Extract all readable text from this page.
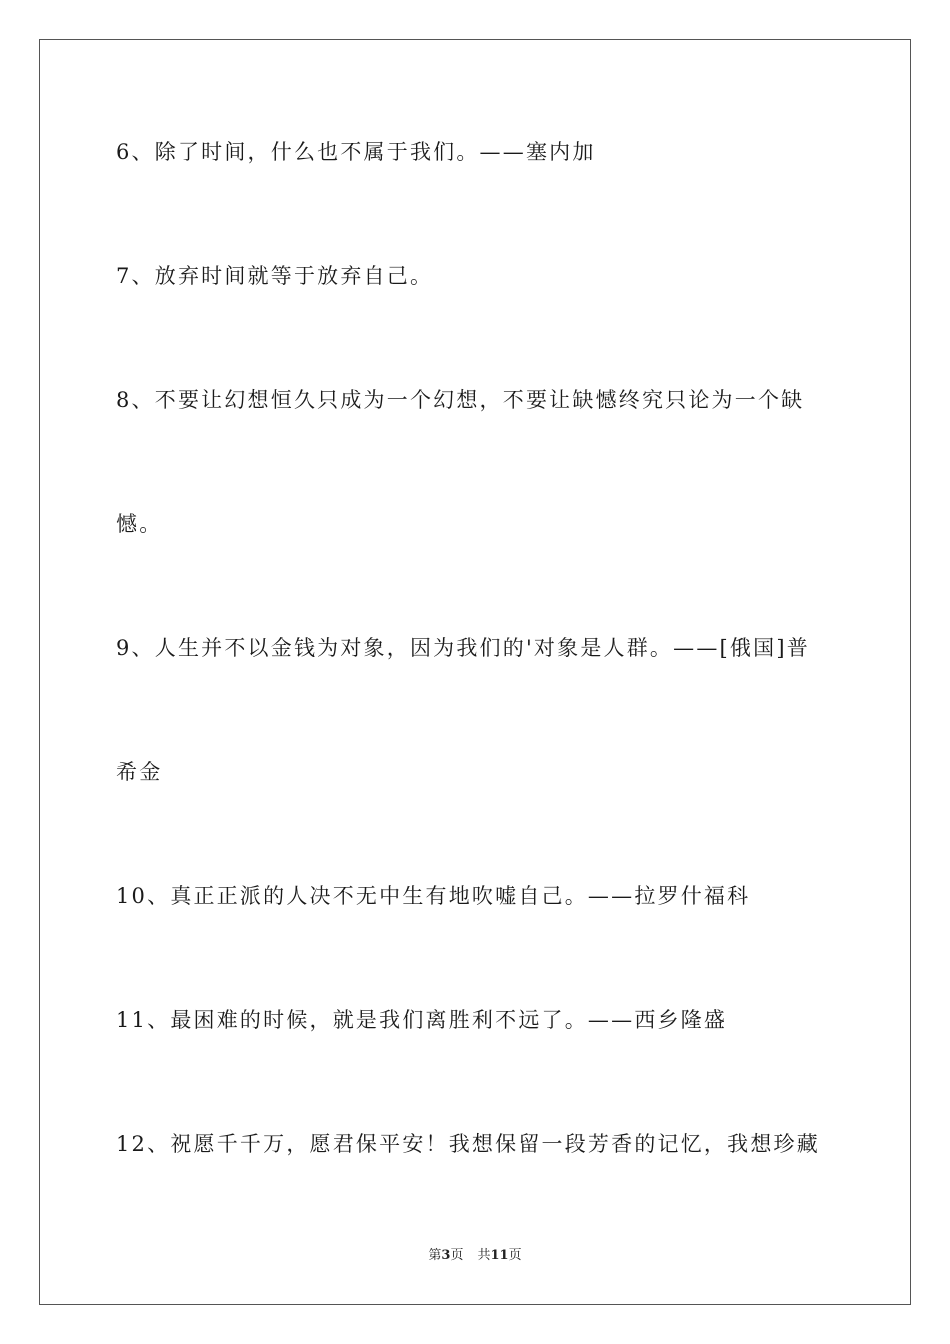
6、除了时间，什么也不属于我们。——塞内加
7、放弃时间就等于放弃自己。
8、不要让幻想恒久只成为一个幻想，不要让缺憾终究只论为一个缺
憾。
9、人生并不以金钱为对象，因为我们的'对象是人群。——[俄国]普
希金
10、真正正派的人决不无中生有地吹嘘自己。——拉罗什福科
11、最困难的时候，就是我们离胜利不远了。——西乡隆盛
12、祝愿千千万，愿君保平安！我想保留一段芳香的记忆，我想珍藏
第3页 共11页
